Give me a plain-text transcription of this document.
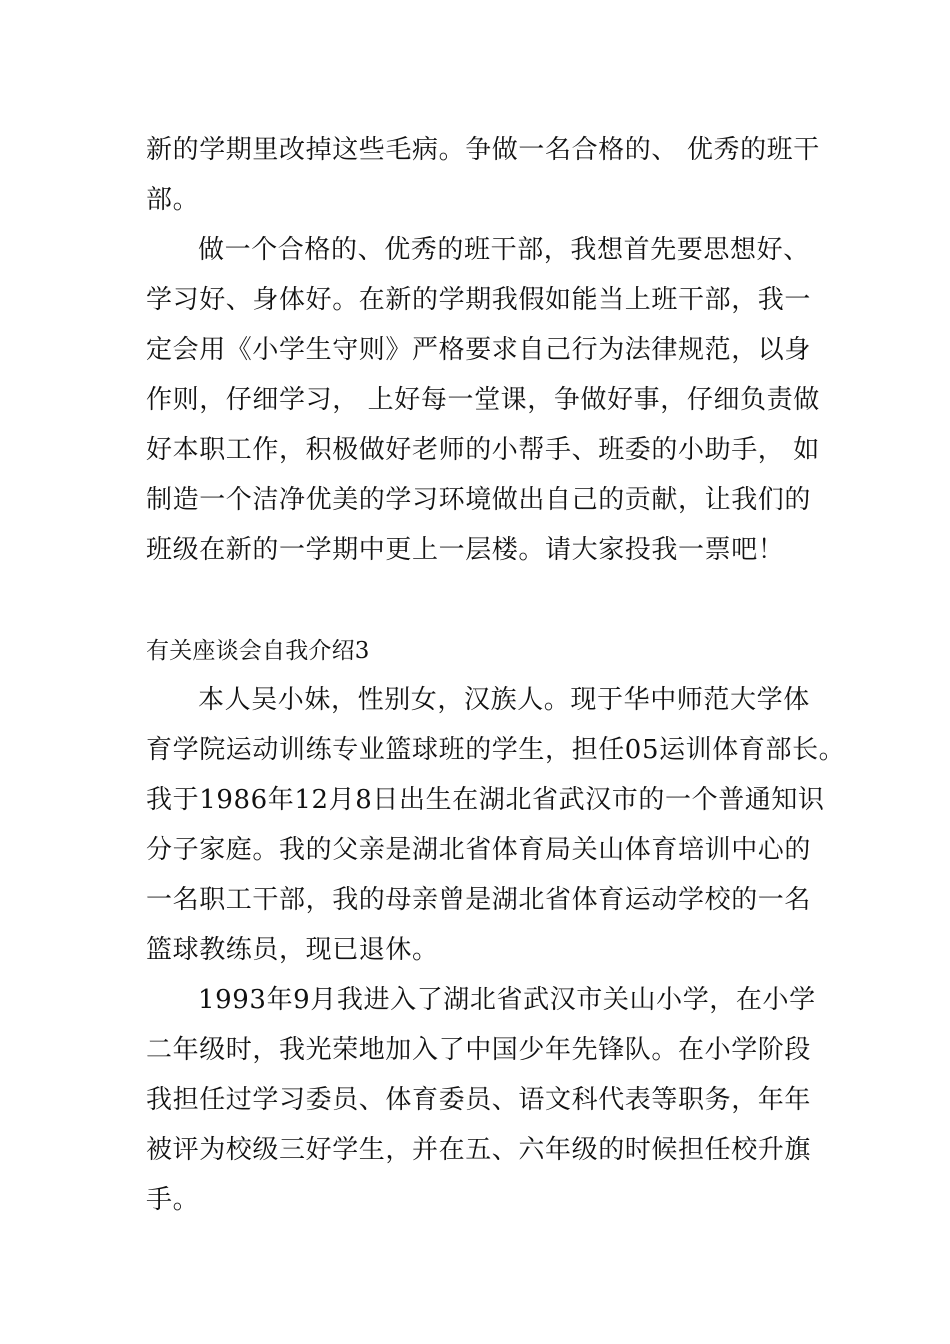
新的学期里改掉这些毛病。争做一名合格的、 优秀的班干

部。

做一个合格的、优秀的班干部，我想首先要思想好、

学习好、身体好。在新的学期我假如能当上班干部，我一

定会用《小学生守则》严格要求自己行为法律规范，以身

作则，仔细学习， 上好每一堂课，争做好事，仔细负责做

好本职工作，积极做好老师的小帮手、班委的小助手， 如

制造一个洁净优美的学习环境做出自己的贡献，让我们的

班级在新的一学期中更上一层楼。请大家投我一票吧！

有关座谈会自我介绍3

本人吴小妹，性别女，汉族人。现于华中师范大学体

育学院运动训练专业篮球班的学生，担任05运训体育部长。

我于1986年12月8日出生在湖北省武汉市的一个普通知识

分子家庭。我的父亲是湖北省体育局关山体育培训中心的

一名职工干部，我的母亲曾是湖北省体育运动学校的一名

篮球教练员，现已退休。

1993年9月我进入了湖北省武汉市关山小学，在小学

二年级时，我光荣地加入了中国少年先锋队。在小学阶段

我担任过学习委员、体育委员、语文科代表等职务，年年

被评为校级三好学生，并在五、六年级的时候担任校升旗

手。
